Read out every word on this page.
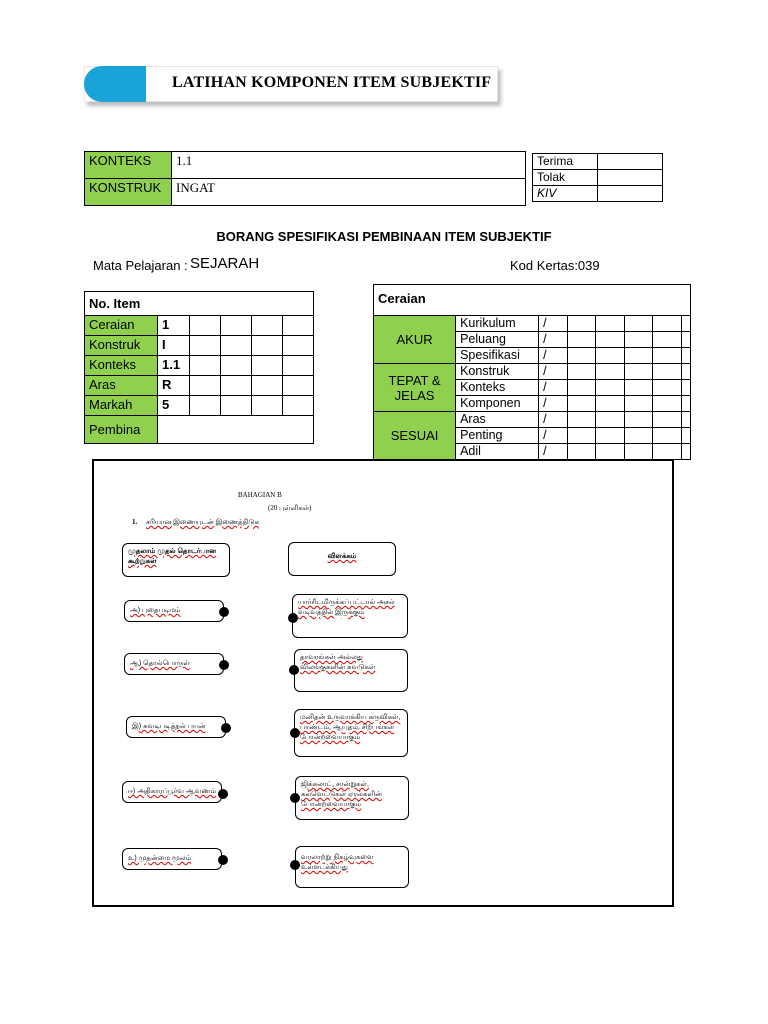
LATIHAN KOMPONEN ITEM SUBJEKTIF
KONTEKS	1.1
KONSTRUK	INGAT
Terima	
Tolak	
KIV	
BORANG SPESIFIKASI PEMBINAAN ITEM SUBJEKTIF
Mata Pelajaran : SEJARAH	Kod Kertas:039
No. Item					
Ceraian	1				
Konstruk	I				
Konteks	1.1				
Aras	R				
Markah	5				
Pembina					
Ceraian							
AKUR	Kurikulum	/					
	Peluang	/					
	Spesifikasi	/					
TEPAT & JELAS	Konstruk	/					
	Konteks	/					
	Komponen	/					
SESUAI	Aras	/					
	Penting	/					
	Adil	/					
BAHAGIAN B
(20 புள்ளிகள்)
1. சரியான இணையுடன் இணைத்திடுக
முதலாம் முதல் தொடர்பான கூற்றுகள்
விளக்கம்
அ) புதைபடிமம்
ஆ) தொல்பொருள்
இ) சுவடிபடித்தல் பயன்
ஈ) அதிகாரப்பூர்வ ஆவணம்
உ) முதன்மை மூலம்
யார்ரிடமிருக்கப்பட்டால் அசல் வடிவத்தில் இருக்கும்
தாவரங்கள் அல்லது விலங்குகளின் சுவடுகள்
மனிதன் உருவாக்கிய கருவிகள், பாண்டம், ஆயுதம், சிற்பங்கள் போன்றவையாகும்
ஜிக்கலாட், சான்றுகள், கல்வெட்டுகள் ஏரல்களின் போன்றவையாகும்
வரலாற்று நிகழ்வுகளை உள்ளடக்கியது
